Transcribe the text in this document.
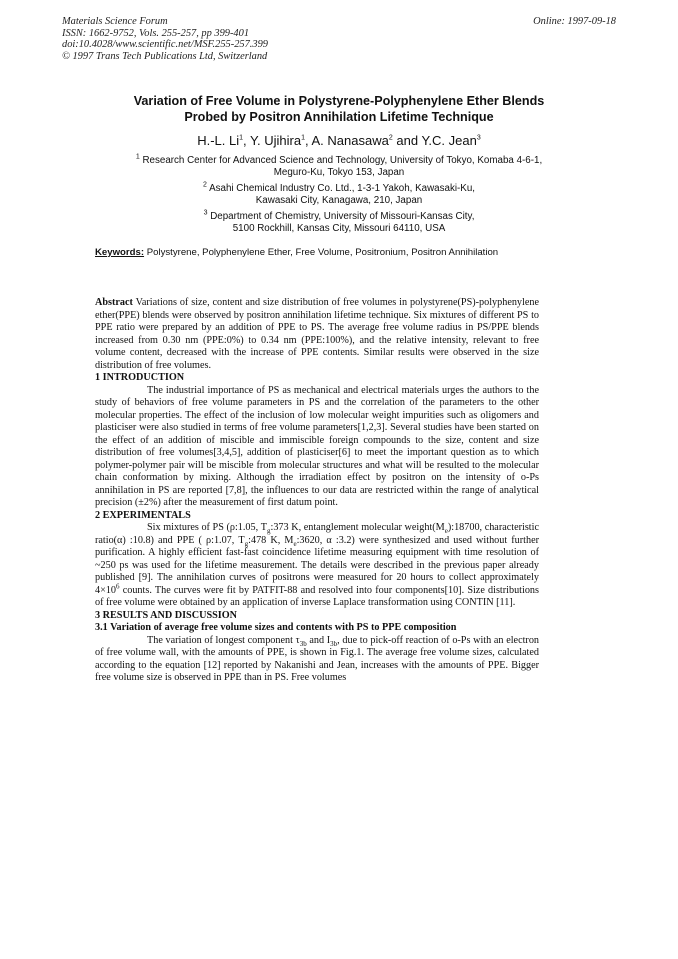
Materials Science Forum
ISSN: 1662-9752, Vols. 255-257, pp 399-401
doi:10.4028/www.scientific.net/MSF.255-257.399
© 1997 Trans Tech Publications Ltd, Switzerland
Online: 1997-09-18
Variation of Free Volume in Polystyrene-Polyphenylene Ether Blends
Probed by Positron Annihilation Lifetime Technique
H.-L. Li$^1$, Y. Ujihira$^1$, A. Nanasawa$^2$ and Y.C. Jean$^3$
$^1$ Research Center for Advanced Science and Technology, University of Tokyo, Komaba 4-6-1,
Meguro-Ku, Tokyo 153, Japan
$^2$ Asahi Chemical Industry Co. Ltd., 1-3-1 Yakoh, Kawasaki-Ku,
Kawasaki City, Kanagawa, 210, Japan
$^3$ Department of Chemistry, University of Missouri-Kansas City,
5100 Rockhill, Kansas City, Missouri 64110, USA
Keywords: Polystyrene, Polyphenylene Ether, Free Volume, Positronium, Positron Annihilation

Abstract Variations of size, content and size distribution of free volumes in polystyrene(PS)-polyphenylene ether(PPE) blends were observed by positron annihilation lifetime technique. Six mixtures of different PS to PPE ratio were prepared by an addition of PPE to PS. The average free volume radius in PS/PPE blends increased from 0.30 nm (PPE:0%) to 0.34 nm (PPE:100%), and the relative intensity, relevant to free volume content, decreased with the increase of PPE contents. Similar results were observed in the size distribution of free volumes.

1 INTRODUCTION

The industrial importance of PS as mechanical and electrical materials urges the authors to the study of behaviors of free volume parameters in PS and the correlation of the parameters to the other molecular properties. The effect of the inclusion of low molecular weight impurities such as oligomers and plasticiser were also studied in terms of free volume parameters[1,2,3]. Several studies have been started on the effect of an addition of miscible and immiscible foreign compounds to the size, content and size distribution of free volumes[3,4,5], addition of plasticiser[6] to meet the important question as to which polymer-polymer pair will be miscible from molecular structures and what will be resulted to the molecular chain conformation by mixing. Although the irradiation effect by positron on the intensity of o-Ps annihilation in PS are reported [7,8], the influences to our data are restricted within the range of analytical precision (±2%) after the measurement of first datum point.

2 EXPERIMENTALS

Six mixtures of PS (ρ:1.05, $T_g:373$ K, entanglement molecular $weight(M_e):18700$, characteristic ratio(α) :10.8) and PPE ( ρ:1.07, $T_g:478$ K, $M_e:3620$, α :3.2) were synthesized and used without further purification. A highly efficient fast-fast coincidence lifetime measuring equipment with time resolution of ~250 ps was used for the lifetime measurement. The details were described in the previous paper already published [9]. The annihilation curves of positrons were measured for 20 hours to collect approximately $4\times 10^6$ counts. The curves were fit by PATFIT-88 and resolved into four components[10]. Size distributions of free volume were obtained by an application of inverse Laplace transformation using CONTIN [11].

3 RESULTS AND DISCUSSION

3.1 Variation of average free volume sizes and contents with PS to PPE composition

The variation of longest component $\tau_{3b}$ and $I_{3b}$, due to pick-off reaction of o-Ps with an electron of free volume wall, with the amounts of PPE, is shown in Fig.1. The average free volume sizes, calculated according to the equation [12] reported by Nakanishi and Jean, increases with the amounts of PPE. Bigger free volume size is observed in PPE than in PS. Free volumes
